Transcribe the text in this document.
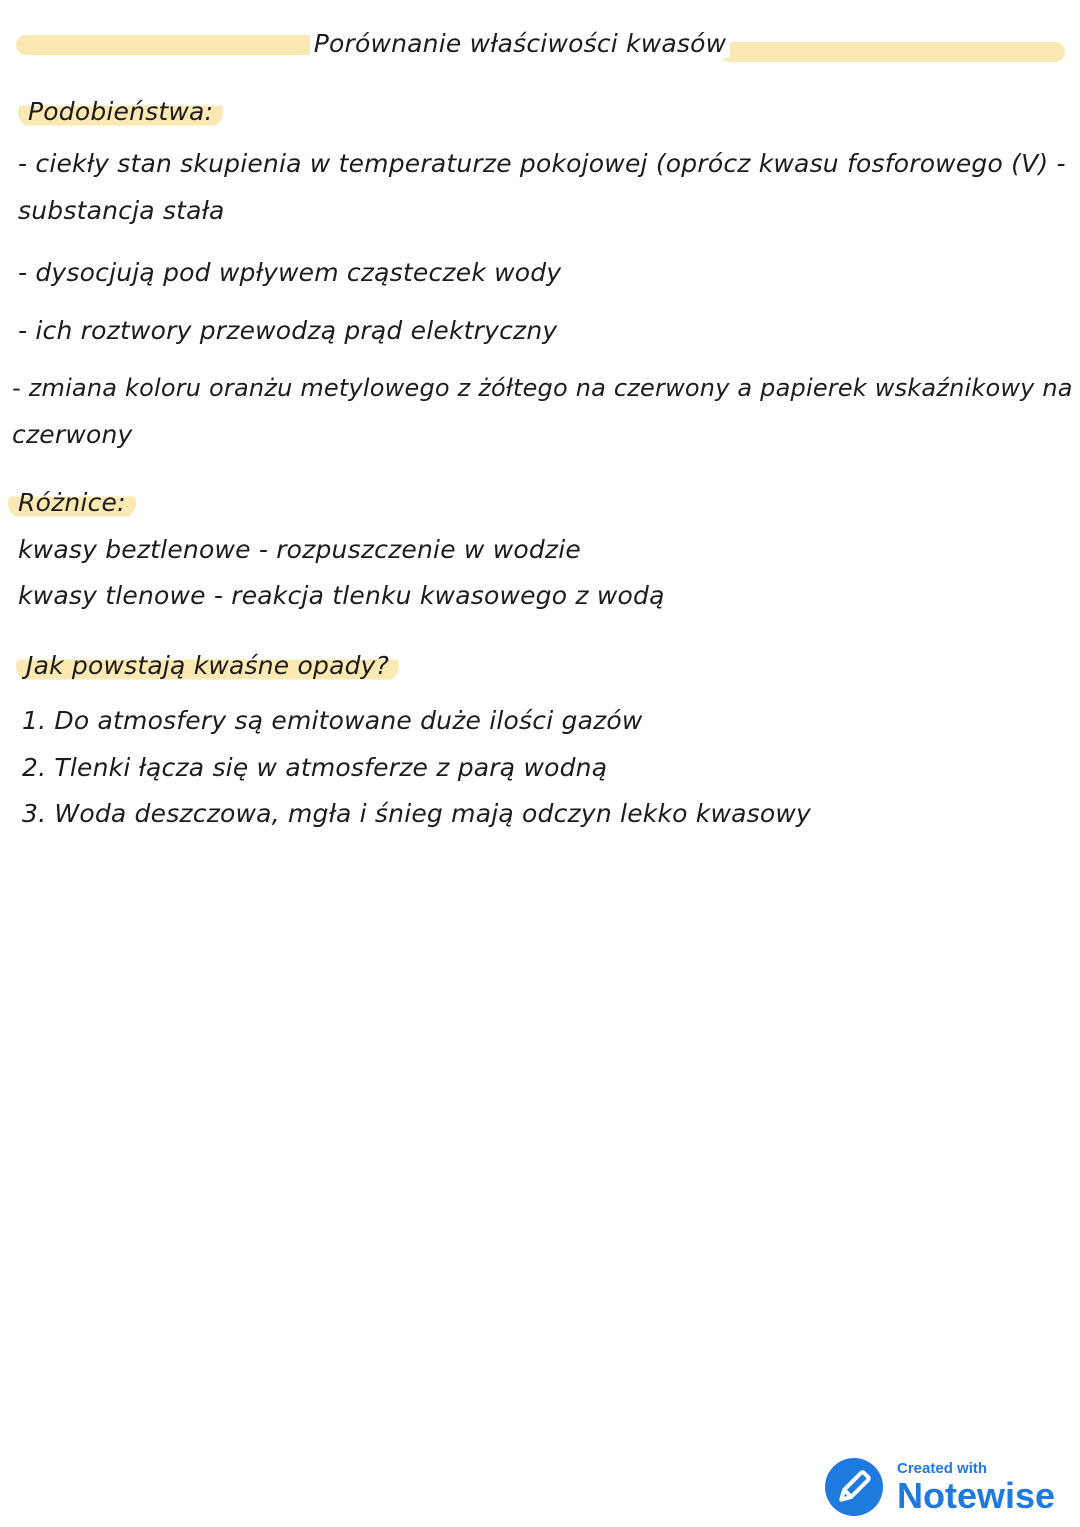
Porównanie właściwości kwasów
Podobieństwa:
- ciekły stan skupienia w temperaturze pokojowej (oprócz kwasu fosforowego (V) -
substancja stała
- dysocjują pod wpływem cząsteczek wody
- ich roztwory przewodzą prąd elektryczny
- zmiana koloru oranżu metylowego z żółtego na czerwony a papierek wskaźnikowy na
czerwony
Różnice:
kwasy beztlenowe - rozpuszczenie w wodzie
kwasy tlenowe - reakcja tlenku kwasowego z wodą
Jak powstają kwaśne opady?
1. Do atmosfery są emitowane duże ilości gazów
2. Tlenki łącza się w atmosferze z parą wodną
3. Woda deszczowa, mgła i śnieg mają odczyn lekko kwasowy
Created with
Notewise
